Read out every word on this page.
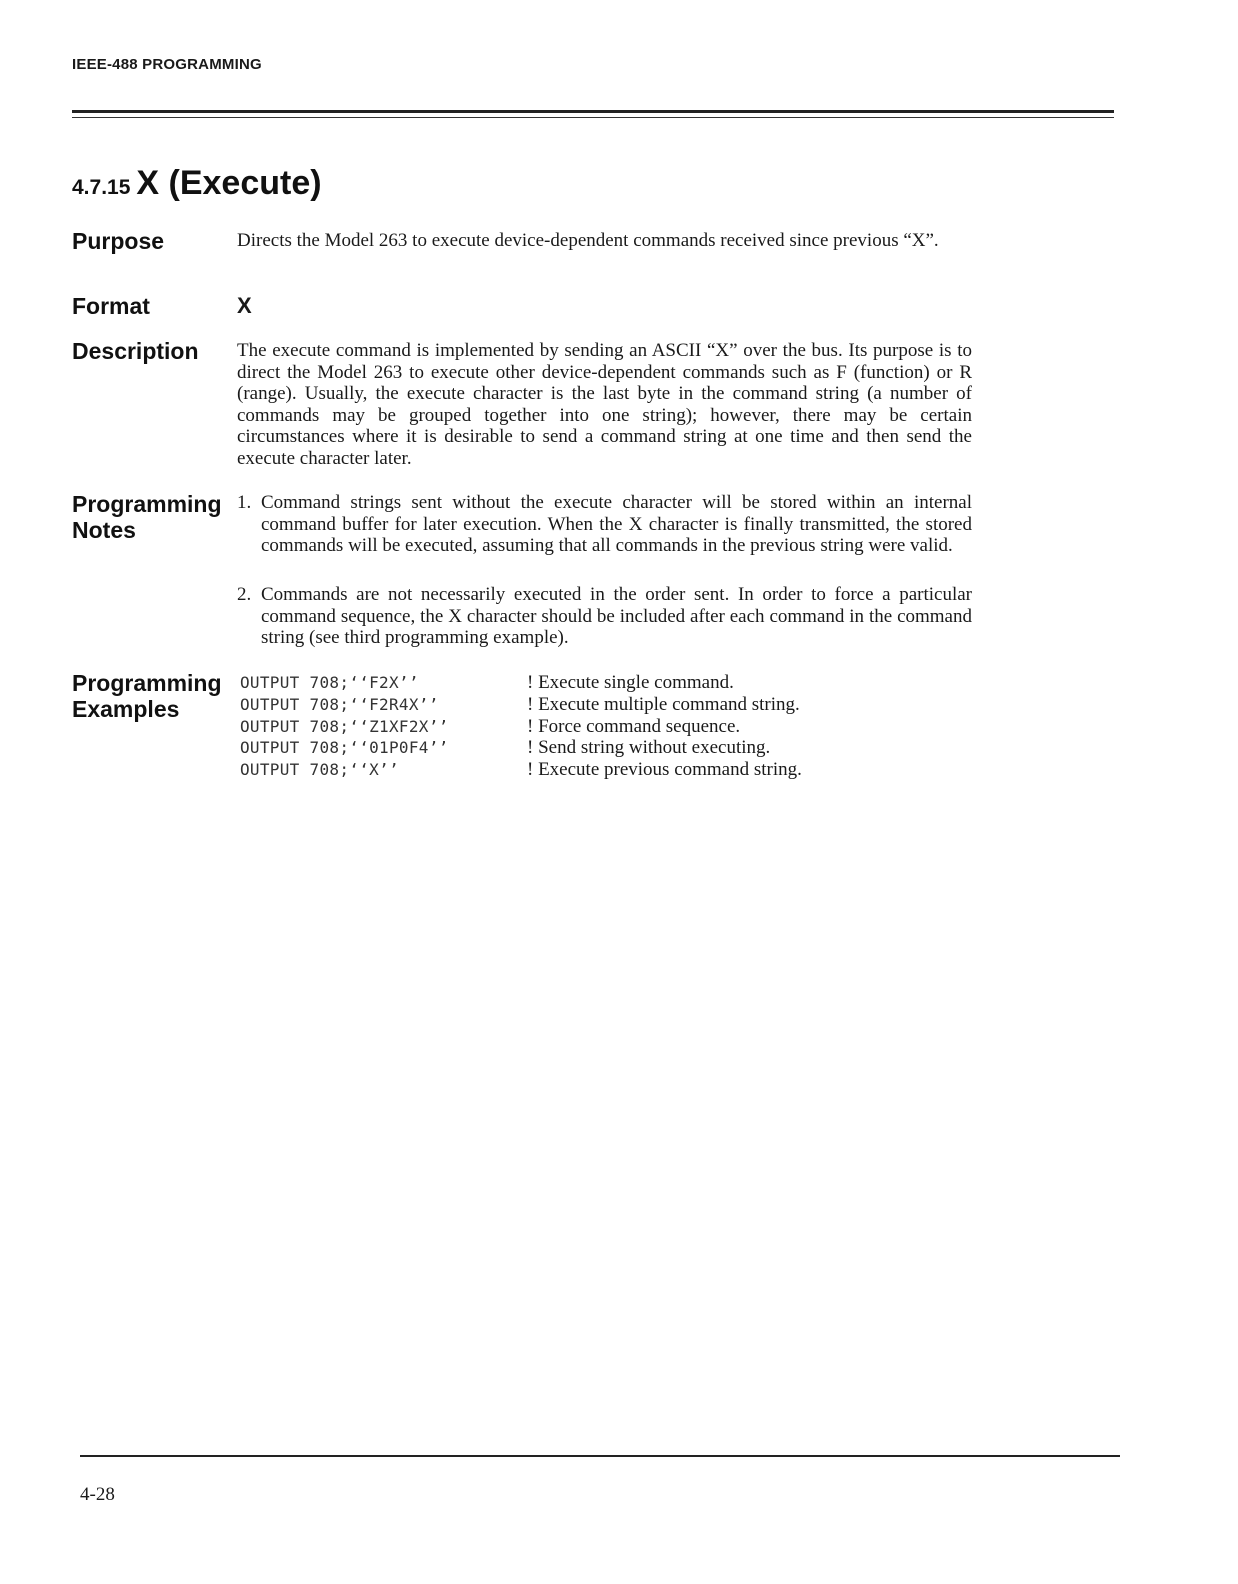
IEEE-488 PROGRAMMING
4.7.15 X (Execute)
Purpose	Directs the Model 263 to execute device-dependent commands received since previous “X”.
Format	X
Description The execute command is implemented by sending an ASCII “X” over the bus. Its purpose is to direct the Model 263 to execute other device-dependent commands such as F (function) or R (range). Usually, the execute character is the last byte in the command string (a number of commands may be grouped together into one string); however, there may be certain circumstances where it is desirable to send a command string at one time and then send the execute character later.
Programming
Notes
1. Command strings sent without the execute character will be stored within an internal command buffer for later execution. When the X character is finally transmitted, the stored commands will be executed, assuming that all commands in the previous string were valid.
2. Commands are not necessarily executed in the order sent. In order to force a particular command sequence, the X character should be included after each command in the command string (see third programming example).
Programming
Examples
OUTPUT 708;‘‘F2X’’	! Execute single command.
OUTPUT 708;‘‘F2R4X’’	! Execute multiple command string.
OUTPUT 708;‘‘Z1XF2X’’	! Force command sequence.
OUTPUT 708;‘‘01P0F4’’	! Send string without executing.
OUTPUT 708;‘‘X’’	! Execute previous command string.
4-28
